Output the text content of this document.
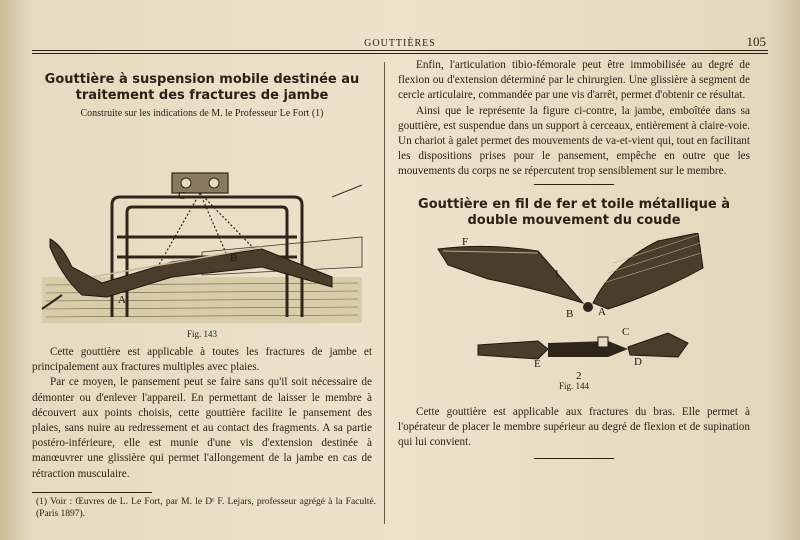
GOUTTIÈRES	105

Gouttière à suspension mobile destinée au traitement des fractures de jambe

Construite sur les indications de M. le Professeur Le Fort (1)

C
B
A
Fig. 143

Cette gouttière est applicable à toutes les fractures de jambe et principalement aux fractures multiples avec plaies.

Par ce moyen, le pansement peut se faire sans qu'il soit nécessaire de démonter ou d'enlever l'appareil. En permettant de laisser le membre à découvert aux points choisis, cette gouttière facilite le pansement des plaies, sans nuire au redressement et au contact des fragments. A sa partie postéro-inférieure, elle est munie d'une vis d'extension destinée à manœuvrer une glissière qui permet l'allongement de la jambe en cas de rétraction musculaire.

(1) Voir : Œuvres de L. Le Fort, par M. le Dʳ F. Lejars, professeur agrégé à la Faculté. (Paris 1897).

Enfin, l'articulation tibio-fémorale peut être immobilisée au degré de flexion ou d'extension déterminé par le chirurgien. Une glissière à segment de cercle articulaire, commandée par une vis d'arrêt, permet d'obtenir ce résultat.

Ainsi que le représente la figure ci-contre, la jambe, emboîtée dans sa gouttière, est suspendue dans un support à cerceaux, entièrement à claire-voie. Un chariot à galet permet des mouvements de va-et-vient qui, tout en facilitant les dispositions prises pour le pansement, empêche en outre que les mouvements du corps ne se répercutent trop sensiblement sur le membre.

Gouttière en fil de fer et toile métallique à double mouvement du coude

F
1
B A
E
C
D
2
Fig. 144

Cette gouttière est applicable aux fractures du bras. Elle permet à l'opérateur de placer le membre supérieur au degré de flexion et de supination qui lui convient.
